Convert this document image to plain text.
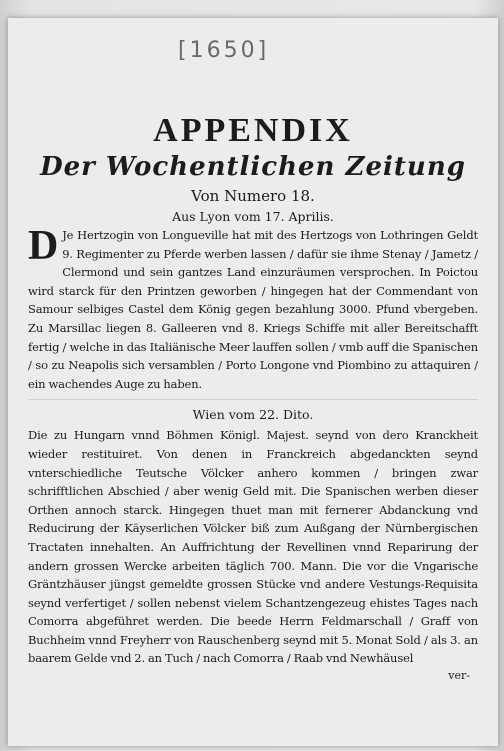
[1650]
APPENDIX
Der Wochentlichen Zeitung
Von Numero 18.
Aus Lyon vom 17. Aprilis.

D Je Hertzogin von Longueville hat mit des Hertzogs von Lothringen Geldt 9. Regimenter zu Pferde werben lassen / dafür sie ihme Stenay / Jametz / Clermond und sein gantzes Land einzuräumen versprochen. In Poictou wird starck für den Printzen geworben / hingegen hat der Commendant von Samour selbiges Castel dem König gegen bezahlung 3000. Pfund vbergeben. Zu Marsillac liegen 8. Galleeren vnd 8. Kriegs Schiffe mit aller Bereitschafft fertig / welche in das Italiänische Meer lauffen sollen / vmb auff die Spanischen / so zu Neapolis sich versamblen / Porto Longone vnd Piombino zu attaquiren / ein wachendes Auge zu haben.

Wien vom 22. Dito.

Die zu Hungarn vnnd Böhmen Königl. Majest. seynd von dero Kranckheit wieder restituiret. Von denen in Franckreich abgedanckten seynd vnterschiedliche Teutsche Völcker anhero kommen / bringen zwar schrifftlichen Abschied / aber wenig Geld mit. Die Spanischen werben dieser Orthen annoch starck. Hingegen thuet man mit fernerer Abdanckung vnd Reducirung der Käyserlichen Völcker biß zum Außgang der Nürnbergischen Tractaten innehalten. An Auffrichtung der Revellinen vnnd Reparirung der andern grossen Wercke arbeiten täglich 700. Mann. Die vor die Vngarische Gräntzhäuser jüngst gemeldte grossen Stücke vnd andere Vestungs-Requisita seynd verfertiget / sollen nebenst vielem Schantzengezeug ehistes Tages nach Comorra abgeführet werden. Die beede Herrn Feldmarschall / Graff von Buchheim vnnd Freyherr von Rauschenberg seynd mit 5. Monat Sold / als 3. an baarem Gelde vnd 2. an Tuch / nach Comorra / Raab vnd Newhäusel

ver-
